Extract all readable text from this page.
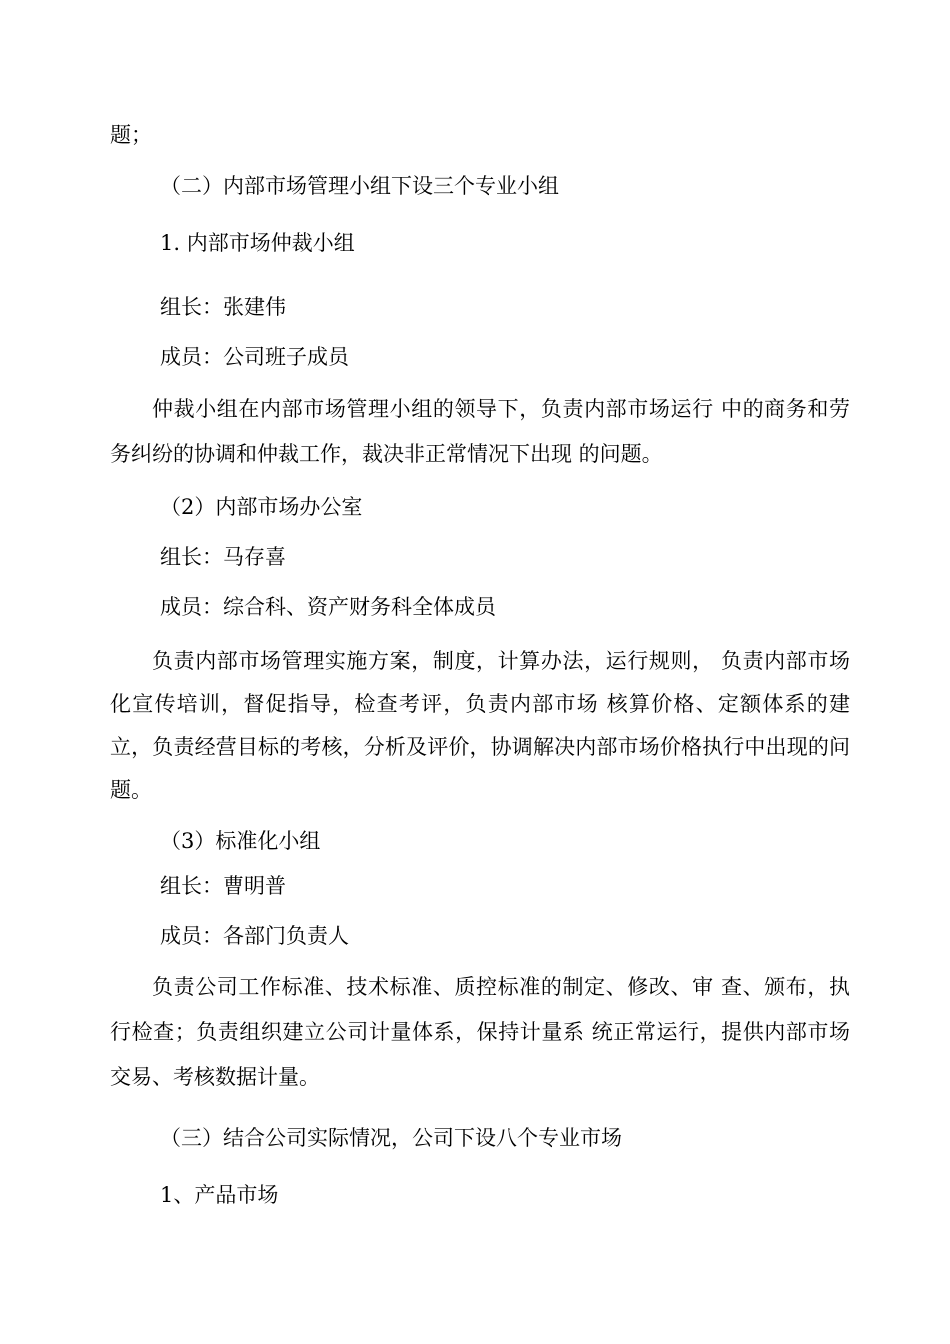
题；
（二）内部市场管理小组下设三个专业小组
1. 内部市场仲裁小组
组长：张建伟
成员：公司班子成员
仲裁小组在内部市场管理小组的领导下，负责内部市场运行 中的商务和劳务纠纷的协调和仲裁工作，裁决非正常情况下出现 的问题。
（2）内部市场办公室
组长：马存喜
成员：综合科、资产财务科全体成员
负责内部市场管理实施方案，制度，计算办法，运行规则， 负责内部市场化宣传培训，督促指导，检查考评，负责内部市场 核算价格、定额体系的建立，负责经营目标的考核，分析及评价，协调解决内部市场价格执行中出现的问题。
（3）标准化小组
组长：曹明普
成员：各部门负责人
负责公司工作标准、技术标准、质控标准的制定、修改、审 查、颁布，执行检查；负责组织建立公司计量体系，保持计量系 统正常运行，提供内部市场交易、考核数据计量。
（三）结合公司实际情况，公司下设八个专业市场
1、产品市场
